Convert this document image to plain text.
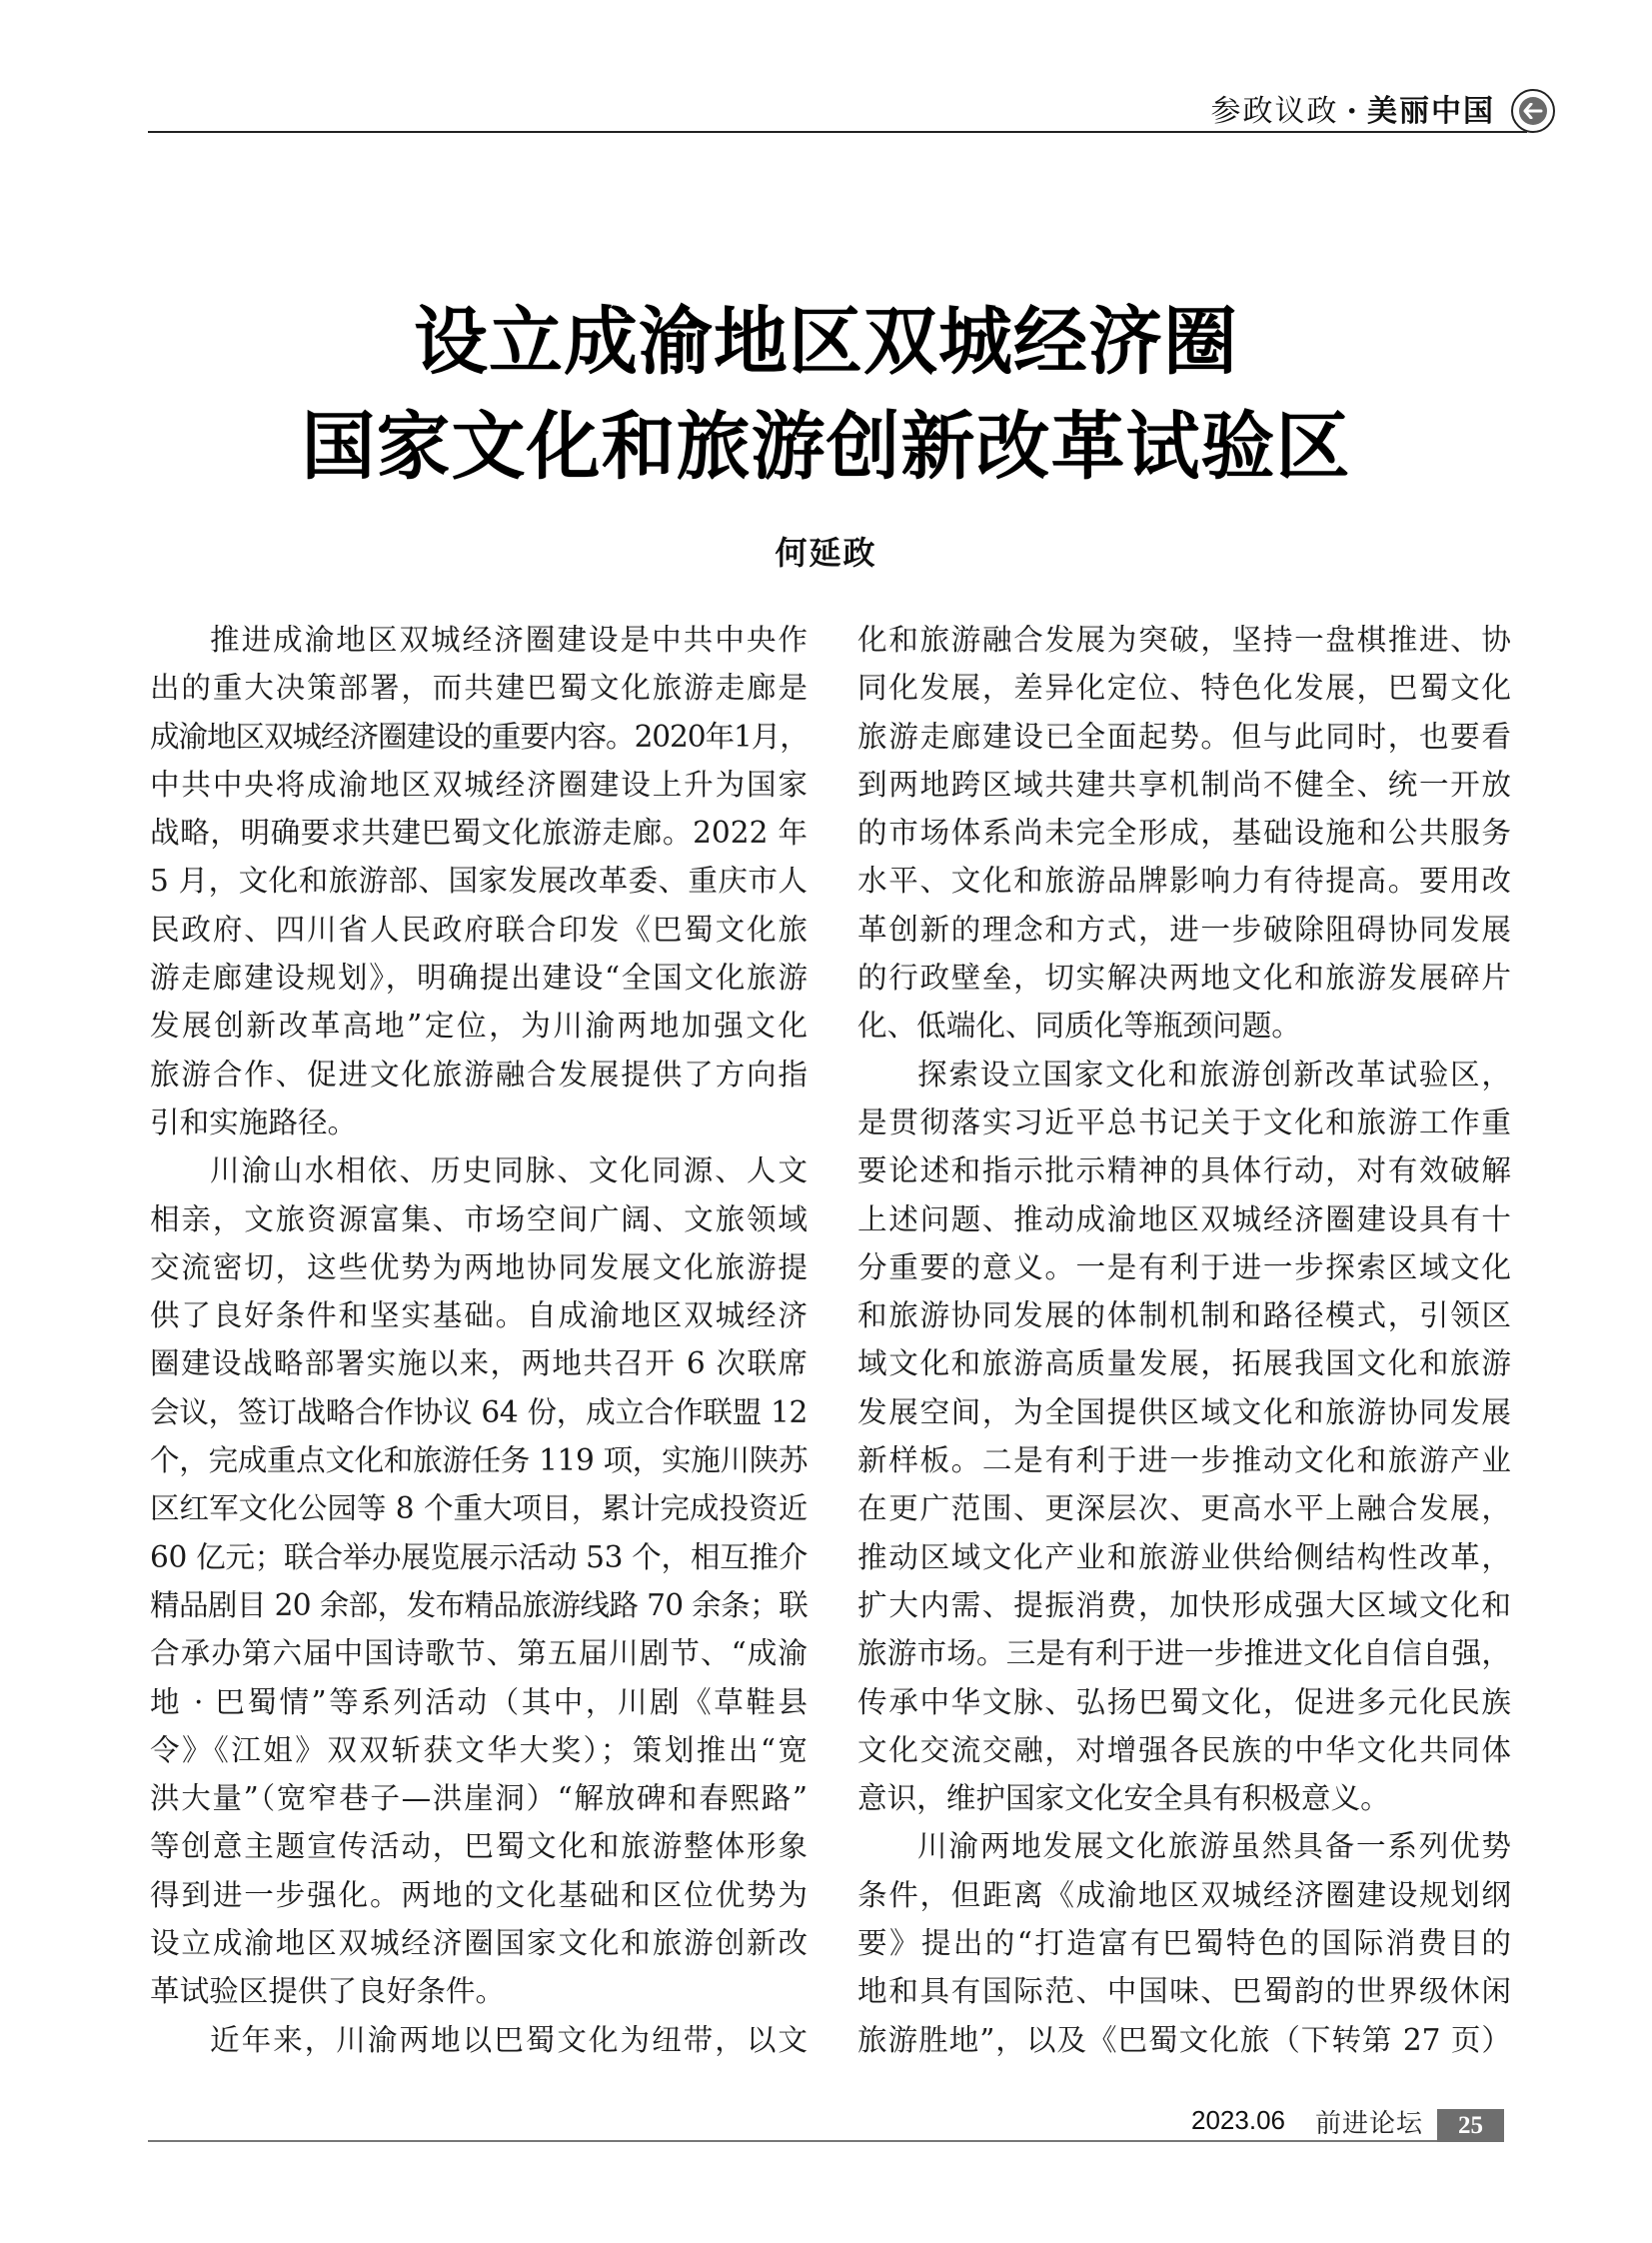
参政议政 · 美丽中国
设立成渝地区双城经济圈
国家文化和旅游创新改革试验区
何延政
推进成渝地区双城经济圈建设是中共中央作
出的重大决策部署，而共建巴蜀文化旅游走廊是
成渝地区双城经济圈建设的重要内容。2020年1月，
中共中央将成渝地区双城经济圈建设上升为国家
战略，明确要求共建巴蜀文化旅游走廊。2022 年
5 月，文化和旅游部、国家发展改革委、重庆市人
民政府、四川省人民政府联合印发《巴蜀文化旅
游走廊建设规划》，明确提出建设“全国文化旅游
发展创新改革高地”定位，为川渝两地加强文化
旅游合作、促进文化旅游融合发展提供了方向指
引和实施路径。
川渝山水相依、历史同脉、文化同源、人文
相亲，文旅资源富集、市场空间广阔、文旅领域
交流密切，这些优势为两地协同发展文化旅游提
供了良好条件和坚实基础。自成渝地区双城经济
圈建设战略部署实施以来，两地共召开 6 次联席
会议，签订战略合作协议 64 份，成立合作联盟 12
个，完成重点文化和旅游任务 119 项，实施川陕苏
区红军文化公园等 8 个重大项目，累计完成投资近
60 亿元；联合举办展览展示活动 53 个，相互推介
精品剧目 20 余部，发布精品旅游线路 70 余条；联
合承办第六届中国诗歌节、第五届川剧节、“成渝
地 · 巴蜀情”等系列活动（其中，川剧《草鞋县
令》《江姐》双双斩获文华大奖）；策划推出“宽
洪大量”（宽窄巷子—洪崖洞）“解放碑和春熙路”
等创意主题宣传活动，巴蜀文化和旅游整体形象
得到进一步强化。两地的文化基础和区位优势为
设立成渝地区双城经济圈国家文化和旅游创新改
革试验区提供了良好条件。
近年来，川渝两地以巴蜀文化为纽带，以文
化和旅游融合发展为突破，坚持一盘棋推进、协
同化发展，差异化定位、特色化发展，巴蜀文化
旅游走廊建设已全面起势。但与此同时，也要看
到两地跨区域共建共享机制尚不健全、统一开放
的市场体系尚未完全形成，基础设施和公共服务
水平、文化和旅游品牌影响力有待提高。要用改
革创新的理念和方式，进一步破除阻碍协同发展
的行政壁垒，切实解决两地文化和旅游发展碎片
化、低端化、同质化等瓶颈问题。
探索设立国家文化和旅游创新改革试验区，
是贯彻落实习近平总书记关于文化和旅游工作重
要论述和指示批示精神的具体行动，对有效破解
上述问题、推动成渝地区双城经济圈建设具有十
分重要的意义。一是有利于进一步探索区域文化
和旅游协同发展的体制机制和路径模式，引领区
域文化和旅游高质量发展，拓展我国文化和旅游
发展空间，为全国提供区域文化和旅游协同发展
新样板。二是有利于进一步推动文化和旅游产业
在更广范围、更深层次、更高水平上融合发展，
推动区域文化产业和旅游业供给侧结构性改革，
扩大内需、提振消费，加快形成强大区域文化和
旅游市场。三是有利于进一步推进文化自信自强，
传承中华文脉、弘扬巴蜀文化，促进多元化民族
文化交流交融，对增强各民族的中华文化共同体
意识，维护国家文化安全具有积极意义。
川渝两地发展文化旅游虽然具备一系列优势
条件，但距离《成渝地区双城经济圈建设规划纲
要》提出的“打造富有巴蜀特色的国际消费目的
地和具有国际范、中国味、巴蜀韵的世界级休闲
旅游胜地”，以及《巴蜀文化旅（下转第 27 页）
2023.06 前进论坛	25
